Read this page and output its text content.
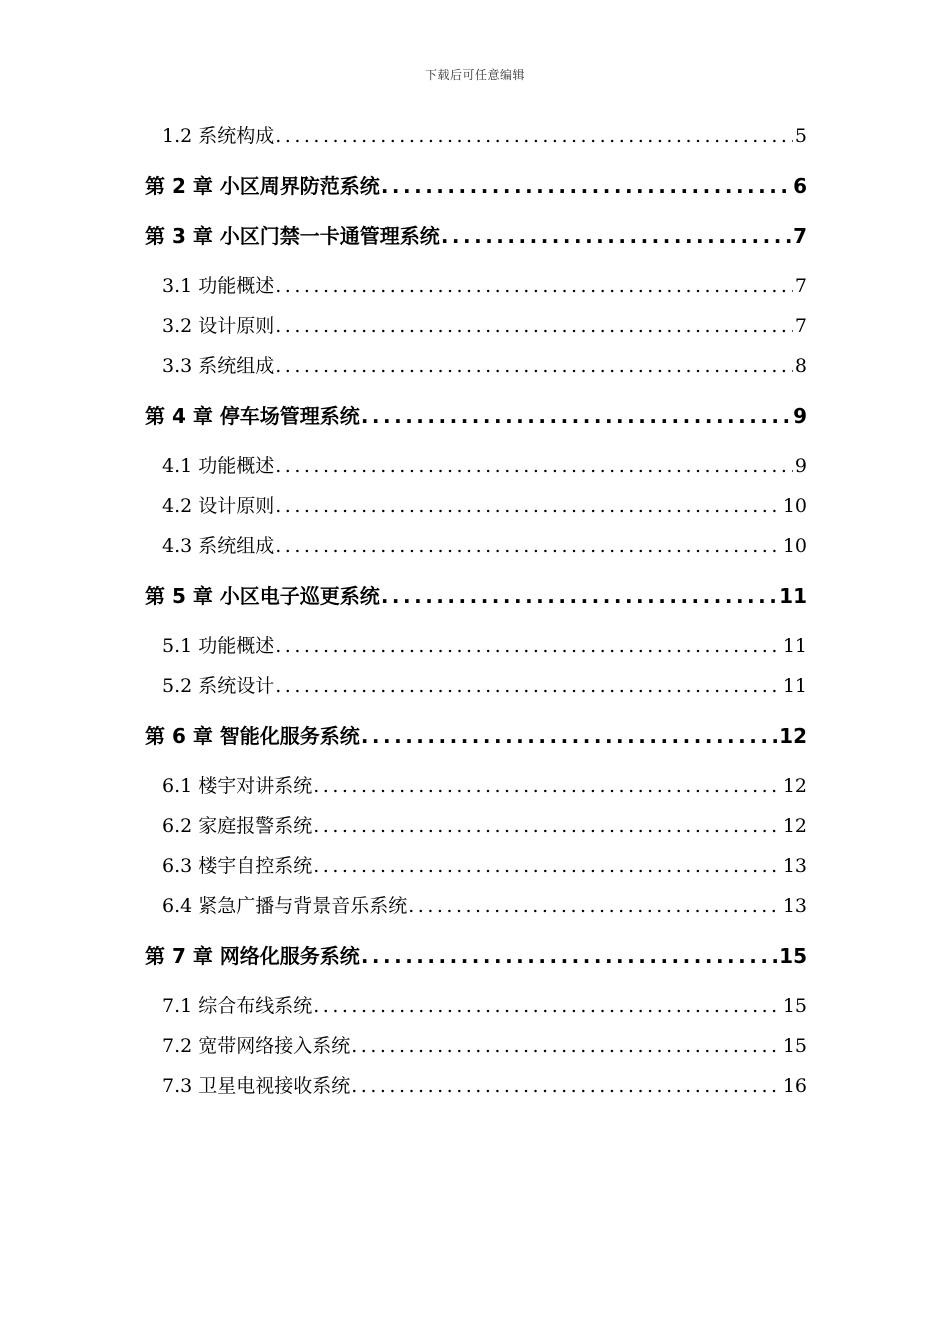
下载后可任意编辑
1.2 系统构成 .....	5
第 2 章 小区周界防范系统 .....	6
第 3 章 小区门禁一卡通管理系统 .....	7
3.1 功能概述 .....	7
3.2 设计原则 .....	7
3.3 系统组成 .....	8
第 4 章 停车场管理系统 .....	9
4.1 功能概述 .....	9
4.2 设计原则 .....	10
4.3 系统组成 .....	10
第 5 章 小区电子巡更系统 .....	11
5.1 功能概述 .....	11
5.2 系统设计 .....	11
第 6 章 智能化服务系统 .....	12
6.1 楼宇对讲系统 .....	12
6.2 家庭报警系统 .....	12
6.3 楼宇自控系统 .....	13
6.4 紧急广播与背景音乐系统 .....	13
第 7 章 网络化服务系统 .....	15
7.1 综合布线系统 .....	15
7.2 宽带网络接入系统 .....	15
7.3 卫星电视接收系统 .....	16
